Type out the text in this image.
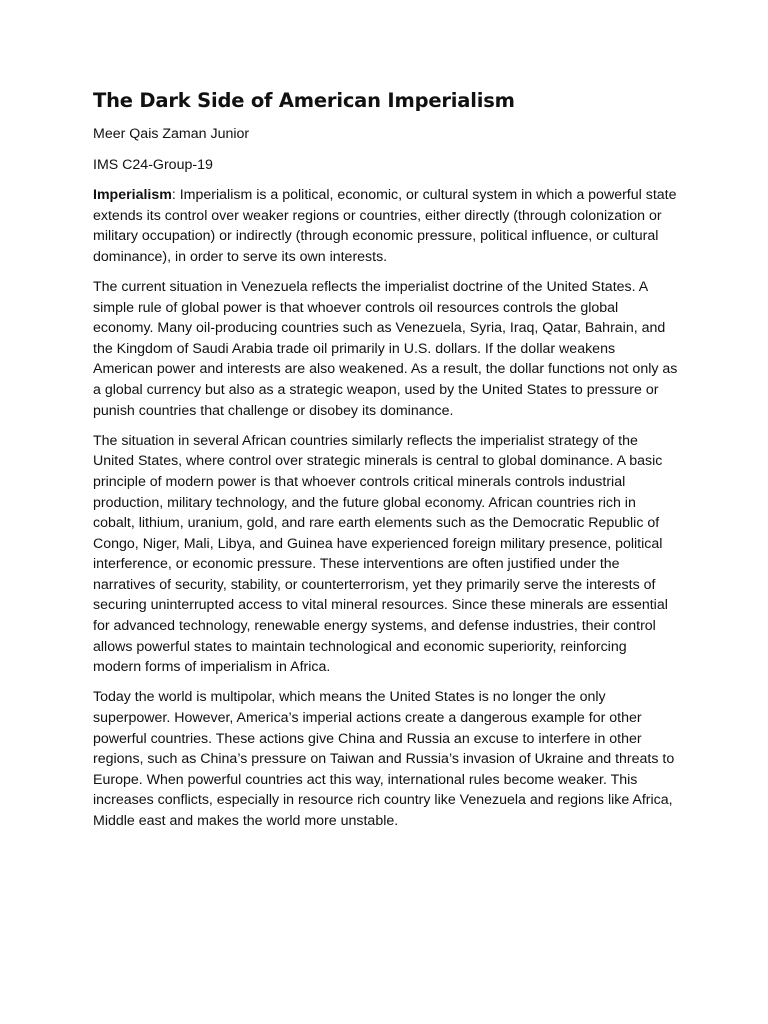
The Dark Side of American Imperialism
Meer Qais Zaman Junior
IMS C24-Group-19

Imperialism: Imperialism is a political, economic, or cultural system in which a powerful state extends its control over weaker regions or countries, either directly (through colonization or military occupation) or indirectly (through economic pressure, political influence, or cultural dominance), in order to serve its own interests.

The current situation in Venezuela reflects the imperialist doctrine of the United States. A simple rule of global power is that whoever controls oil resources controls the global economy. Many oil-producing countries such as Venezuela, Syria, Iraq, Qatar, Bahrain, and the Kingdom of Saudi Arabia trade oil primarily in U.S. dollars. If the dollar weakens American power and interests are also weakened. As a result, the dollar functions not only as a global currency but also as a strategic weapon, used by the United States to pressure or punish countries that challenge or disobey its dominance.

The situation in several African countries similarly reflects the imperialist strategy of the United States, where control over strategic minerals is central to global dominance. A basic principle of modern power is that whoever controls critical minerals controls industrial production, military technology, and the future global economy. African countries rich in cobalt, lithium, uranium, gold, and rare earth elements such as the Democratic Republic of Congo, Niger, Mali, Libya, and Guinea have experienced foreign military presence, political interference, or economic pressure. These interventions are often justified under the narratives of security, stability, or counterterrorism, yet they primarily serve the interests of securing uninterrupted access to vital mineral resources. Since these minerals are essential for advanced technology, renewable energy systems, and defense industries, their control allows powerful states to maintain technological and economic superiority, reinforcing modern forms of imperialism in Africa.

Today the world is multipolar, which means the United States is no longer the only superpower. However, America’s imperial actions create a dangerous example for other powerful countries. These actions give China and Russia an excuse to interfere in other regions, such as China’s pressure on Taiwan and Russia’s invasion of Ukraine and threats to Europe. When powerful countries act this way, international rules become weaker. This increases conflicts, especially in resource rich country like Venezuela and regions like Africa, Middle east and makes the world more unstable.
